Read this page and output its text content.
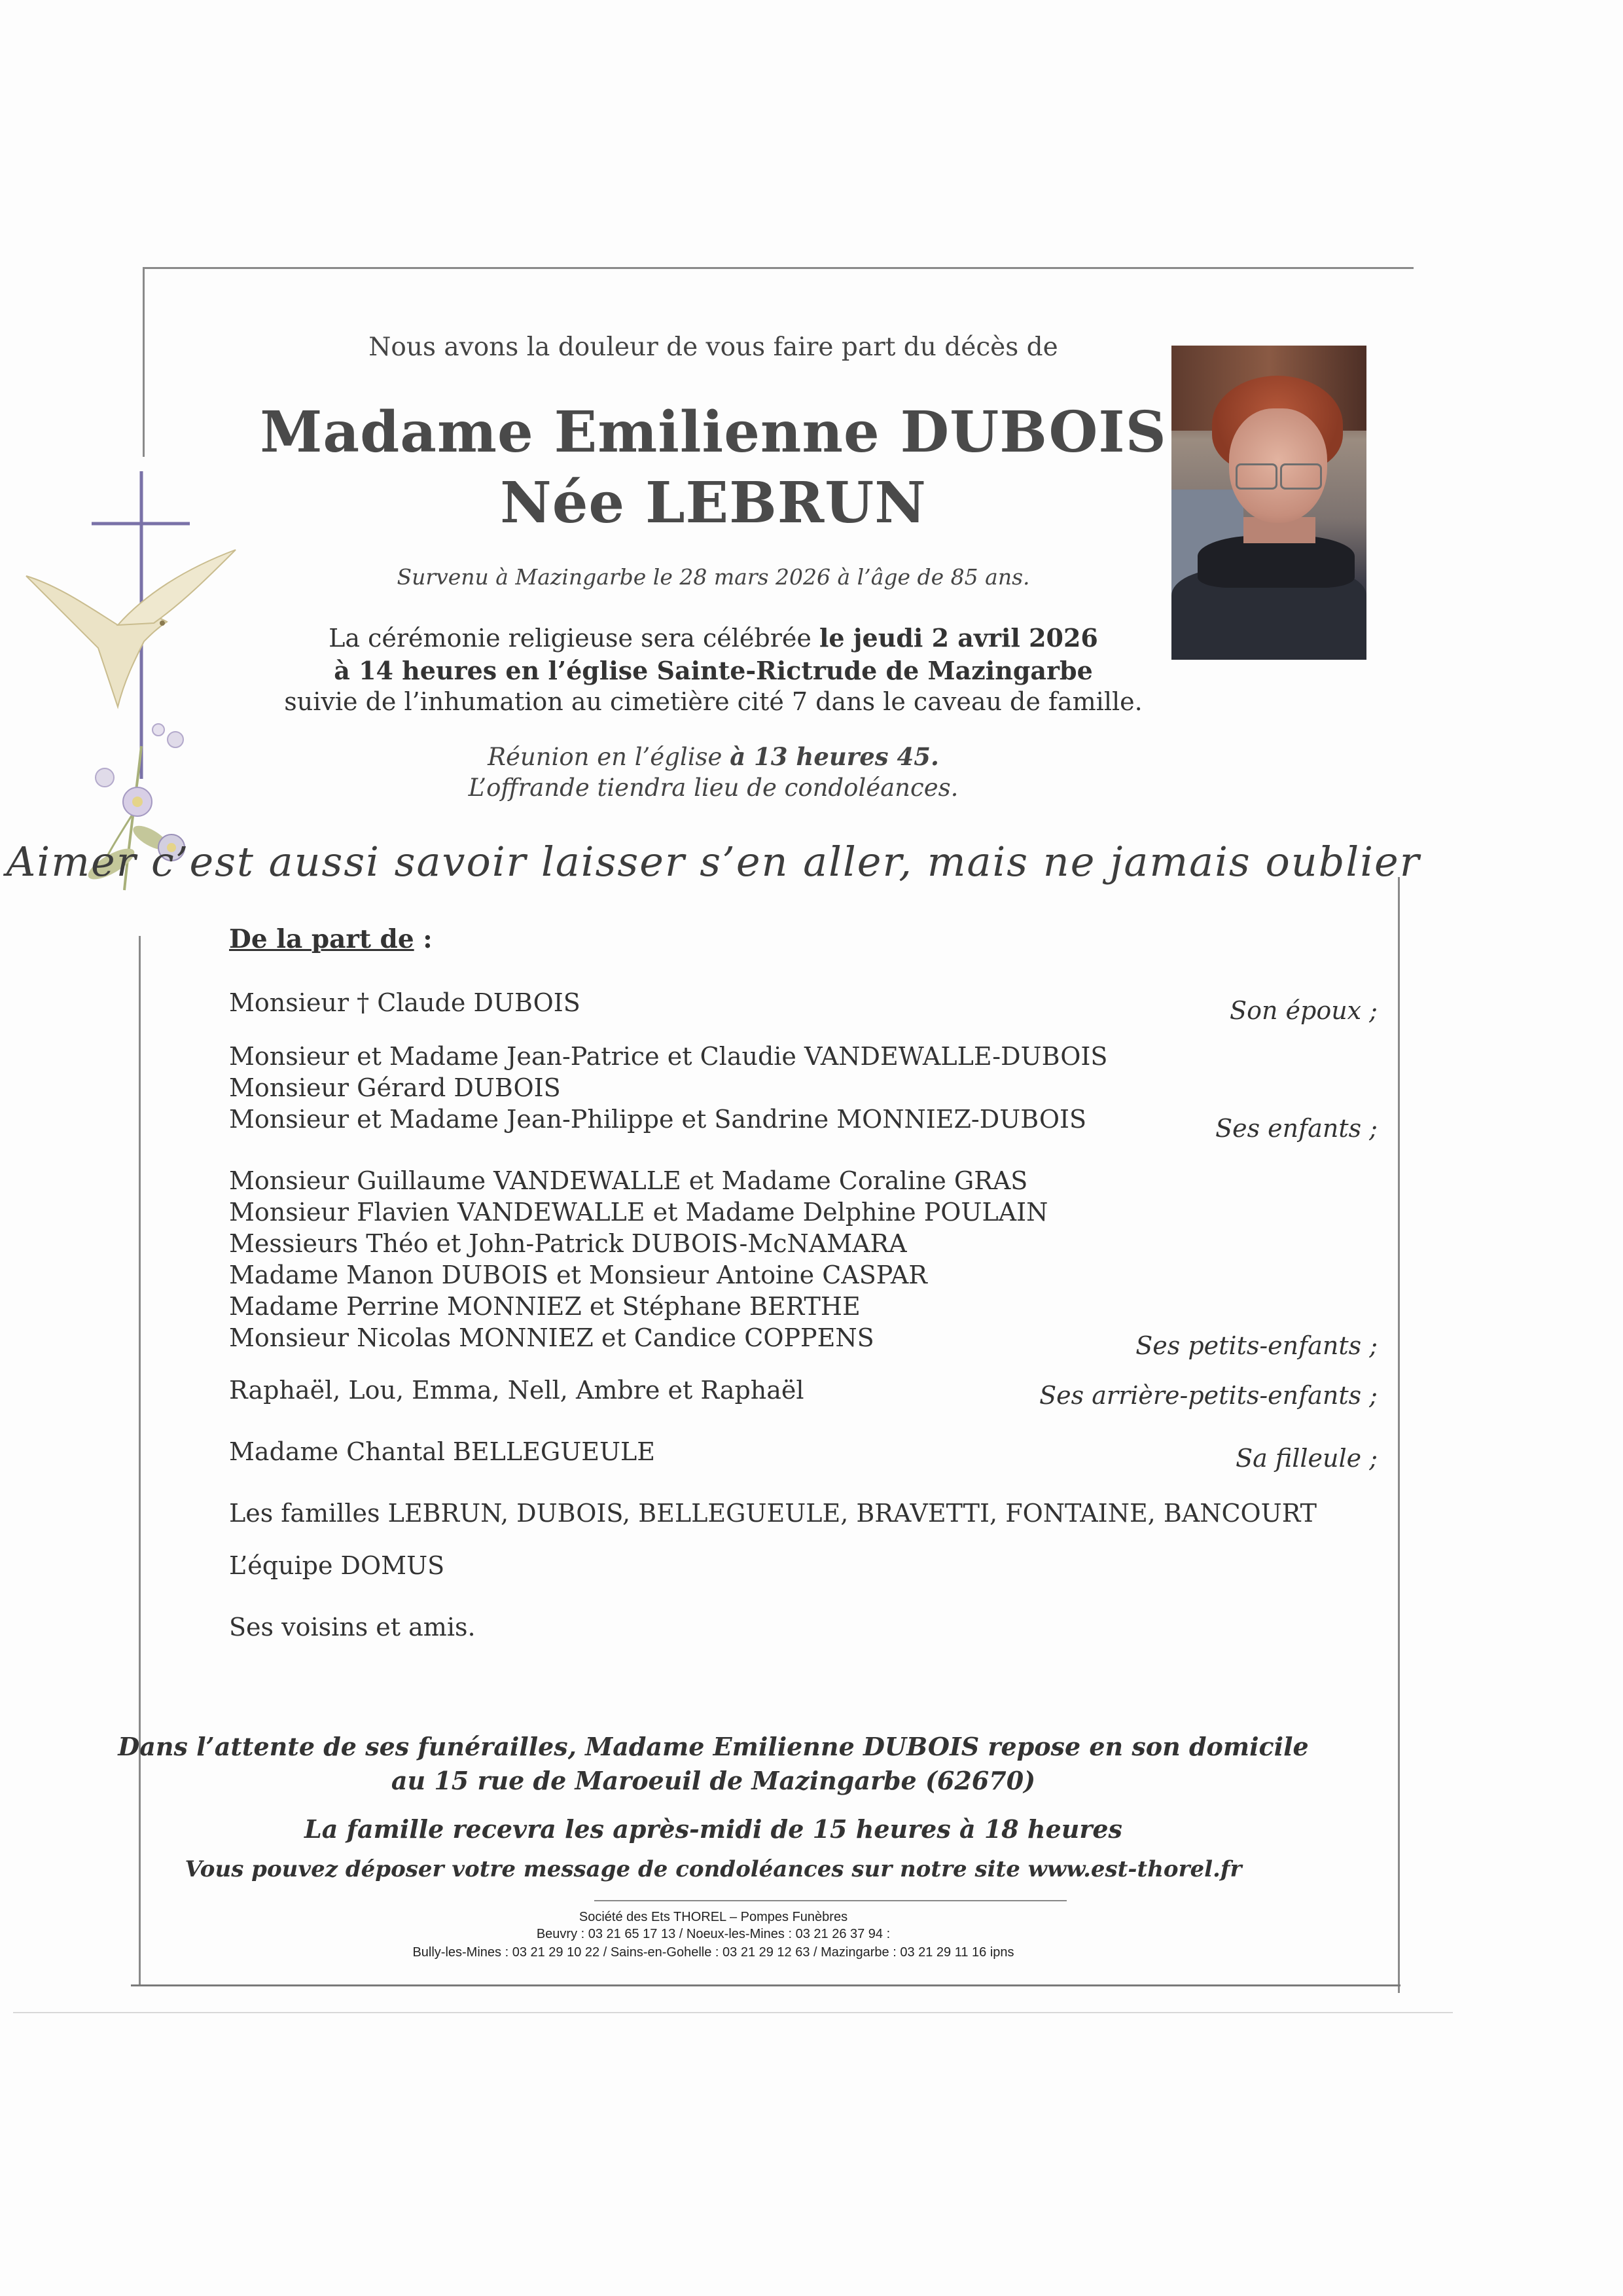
Nous avons la douleur de vous faire part du décès de
Madame Emilienne DUBOIS
Née LEBRUN
Survenu à Mazingarbe le 28 mars 2026 à l’âge de 85 ans.
La cérémonie religieuse sera célébrée le jeudi 2 avril 2026
à 14 heures en l’église Sainte-Rictrude de Mazingarbe
suivie de l’inhumation au cimetière cité 7 dans le caveau de famille.
Réunion en l’église à 13 heures 45.
L’offrande tiendra lieu de condoléances.
Aimer c’est aussi savoir laisser s’en aller, mais ne jamais oublier
De la part de :
Monsieur † Claude DUBOIS	Son époux ;
Monsieur et Madame Jean-Patrice et Claudie VANDEWALLE-DUBOIS
Monsieur Gérard DUBOIS
Monsieur et Madame Jean-Philippe et Sandrine MONNIEZ-DUBOIS	Ses enfants ;
Monsieur Guillaume VANDEWALLE et Madame Coraline GRAS
Monsieur Flavien VANDEWALLE et Madame Delphine POULAIN
Messieurs Théo et John-Patrick DUBOIS-McNAMARA
Madame Manon DUBOIS et Monsieur Antoine CASPAR
Madame Perrine MONNIEZ et Stéphane BERTHE
Monsieur Nicolas MONNIEZ et Candice COPPENS	Ses petits-enfants ;
Raphaël, Lou, Emma, Nell, Ambre et Raphaël	Ses arrière-petits-enfants ;
Madame Chantal BELLEGUEULE	Sa filleule ;
Les familles LEBRUN, DUBOIS, BELLEGUEULE, BRAVETTI, FONTAINE, BANCOURT
L’équipe DOMUS
Ses voisins et amis.
Dans l’attente de ses funérailles, Madame Emilienne DUBOIS repose en son domicile
au 15 rue de Maroeuil de Mazingarbe (62670)
La famille recevra les après-midi de 15 heures à 18 heures
Vous pouvez déposer votre message de condoléances sur notre site www.est-thorel.fr
Société des Ets THOREL – Pompes Funèbres
Beuvry : 03 21 65 17 13 / Noeux-les-Mines : 03 21 26 37 94 :
Bully-les-Mines : 03 21 29 10 22 / Sains-en-Gohelle : 03 21 29 12 63 / Mazingarbe : 03 21 29 11 16 ipns
